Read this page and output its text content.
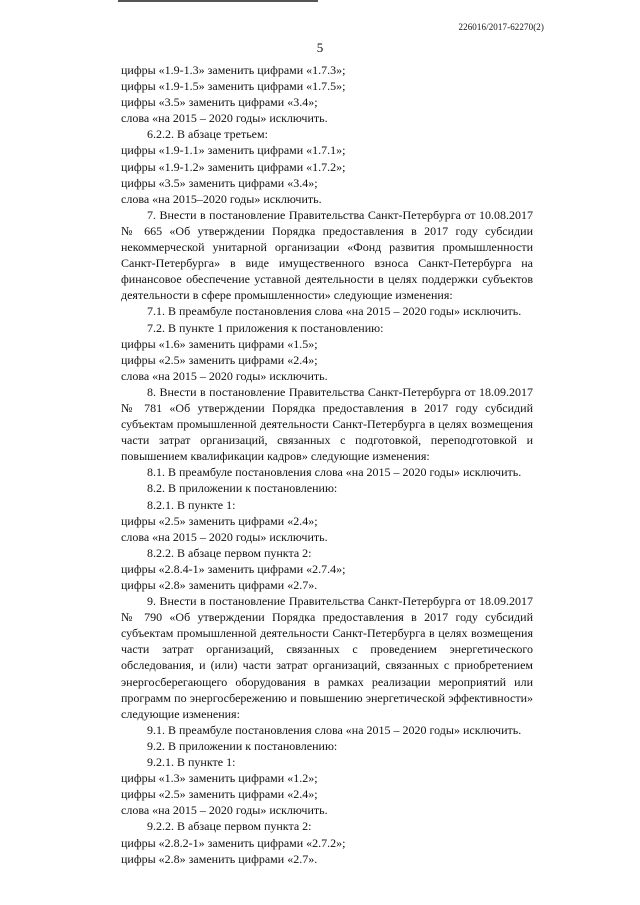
226016/2017-62270(2)
5

цифры «1.9-1.3» заменить цифрами «1.7.3»;

цифры «1.9-1.5» заменить цифрами «1.7.5»;

цифры «3.5» заменить цифрами «3.4»;

слова «на 2015 – 2020 годы» исключить.

6.2.2. В абзаце третьем:

цифры «1.9-1.1» заменить цифрами «1.7.1»;

цифры «1.9-1.2» заменить цифрами «1.7.2»;

цифры «3.5» заменить цифрами «3.4»;

слова «на 2015–2020 годы» исключить.

7. Внести в постановление Правительства Санкт-Петербурга от 10.08.2017 № 665 «Об утверждении Порядка предоставления в 2017 году субсидии некоммерческой унитарной организации «Фонд развития промышленности Санкт-Петербурга» в виде имущественного взноса Санкт-Петербурга на финансовое обеспечение уставной деятельности в целях поддержки субъектов деятельности в сфере промышленности» следующие изменения:

7.1. В преамбуле постановления слова «на 2015 – 2020 годы» исключить.

7.2. В пункте 1 приложения к постановлению:

цифры «1.6» заменить цифрами «1.5»;

цифры «2.5» заменить цифрами «2.4»;

слова «на 2015 – 2020 годы» исключить.

8. Внести в постановление Правительства Санкт-Петербурга от 18.09.2017 № 781 «Об утверждении Порядка предоставления в 2017 году субсидий субъектам промышленной деятельности Санкт-Петербурга в целях возмещения части затрат организаций, связанных с подготовкой, переподготовкой и повышением квалификации кадров» следующие изменения:

8.1. В преамбуле постановления слова «на 2015 – 2020 годы» исключить.

8.2. В приложении к постановлению:

8.2.1. В пункте 1:

цифры «2.5» заменить цифрами «2.4»;

слова «на 2015 – 2020 годы» исключить.

8.2.2. В абзаце первом пункта 2:

цифры «2.8.4-1» заменить цифрами «2.7.4»;

цифры «2.8» заменить цифрами «2.7».

9. Внести в постановление Правительства Санкт-Петербурга от 18.09.2017 № 790 «Об утверждении Порядка предоставления в 2017 году субсидий субъектам промышленной деятельности Санкт-Петербурга в целях возмещения части затрат организаций, связанных с проведением энергетического обследования, и (или) части затрат организаций, связанных с приобретением энергосберегающего оборудования в рамках реализации мероприятий или программ по энергосбережению и повышению энергетической эффективности» следующие изменения:

9.1. В преамбуле постановления слова «на 2015 – 2020 годы» исключить.

9.2. В приложении к постановлению:

9.2.1. В пункте 1:

цифры «1.3» заменить цифрами «1.2»;

цифры «2.5» заменить цифрами «2.4»;

слова «на 2015 – 2020 годы» исключить.

9.2.2. В абзаце первом пункта 2:

цифры «2.8.2-1» заменить цифрами «2.7.2»;

цифры «2.8» заменить цифрами «2.7».
